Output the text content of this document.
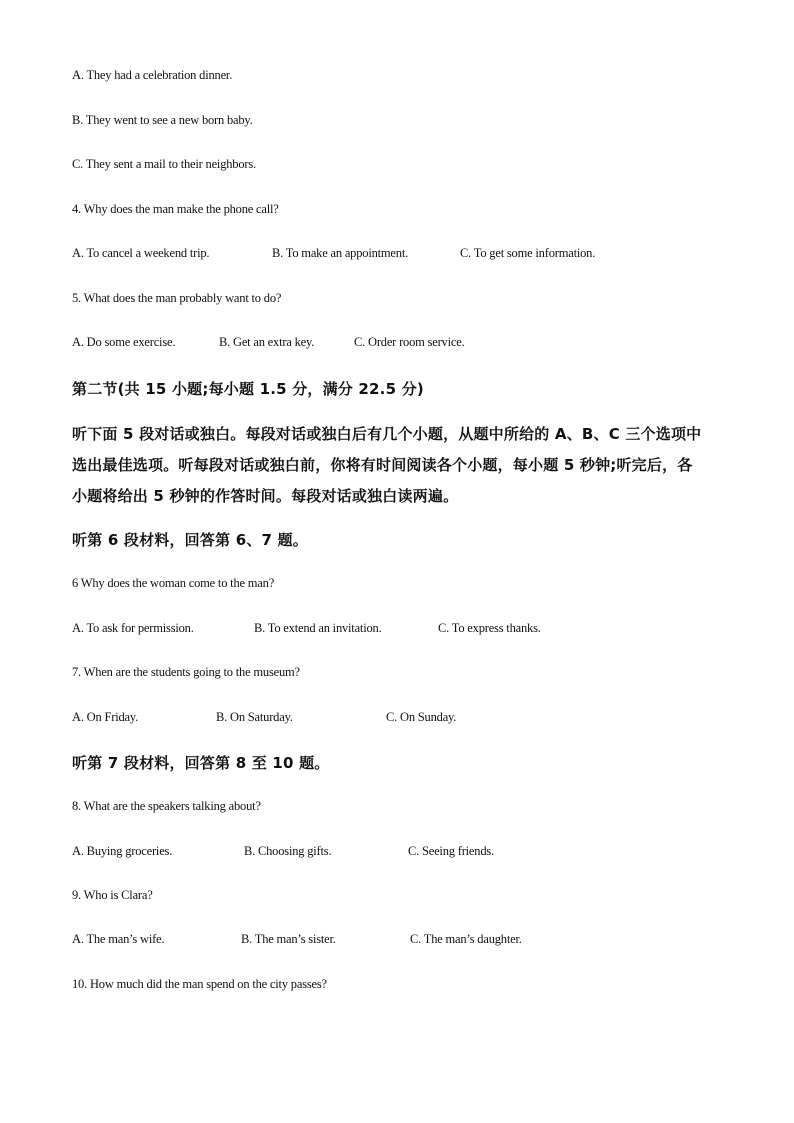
A. They had a celebration dinner.
B. They went to see a new born baby.
C. They sent a mail to their neighbors.
4. Why does the man make the phone call?
A. To cancel a weekend trip.	B. To make an appointment.	C. To get some information.
5. What does the man probably want to do?
A. Do some exercise.	B. Get an extra key.	C. Order room service.
第二节(共 15 小题;每小题 1.5 分，满分 22.5 分)
听下面 5 段对话或独白。每段对话或独白后有几个小题，从题中所给的 A、B、C 三个选项中
选出最佳选项。听每段对话或独白前，你将有时间阅读各个小题，每小题 5 秒钟;听完后，各
小题将给出 5 秒钟的作答时间。每段对话或独白读两遍。
听第 6 段材料，回答第 6、7 题。
6 Why does the woman come to the man?
A. To ask for permission.	B. To extend an invitation.	C. To express thanks.
7. When are the students going to the museum?
A. On Friday.	B. On Saturday.	C. On Sunday.
听第 7 段材料，回答第 8 至 10 题。
8. What are the speakers talking about?
A. Buying groceries.	B. Choosing gifts.	C. Seeing friends.
9. Who is Clara?
A. The man’s wife.	B. The man’s sister.	C. The man’s daughter.
10. How much did the man spend on the city passes?
